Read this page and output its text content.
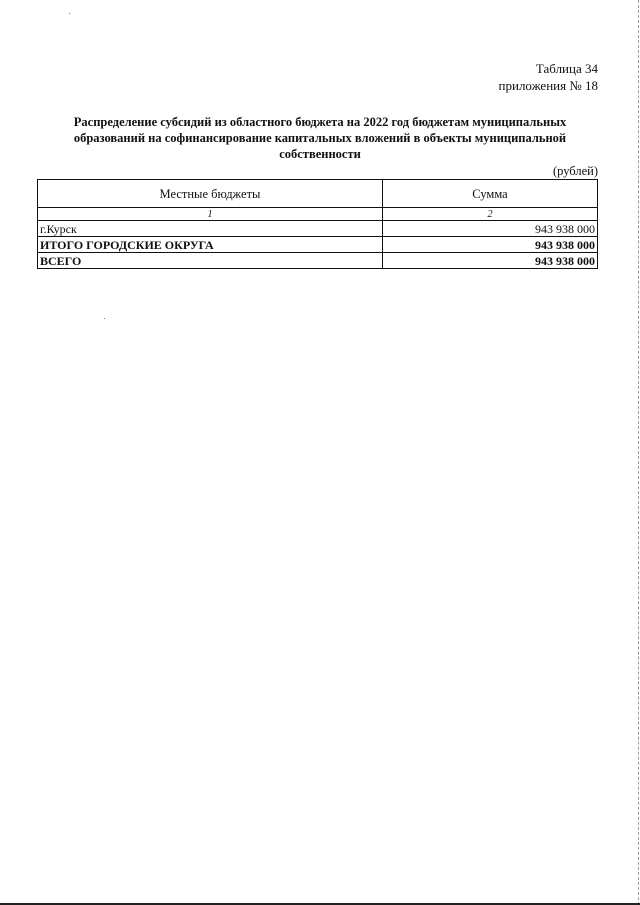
Таблица 34
приложения № 18
Распределение субсидий из областного бюджета на 2022 год бюджетам муниципальных
образований на софинансирование капитальных вложений в объекты муниципальной
собственности
(рублей)
Местные бюджеты	Сумма
1	2
г.Курск	943 938 000
ИТОГО ГОРОДСКИЕ ОКРУГА	943 938 000
ВСЕГО	943 938 000
